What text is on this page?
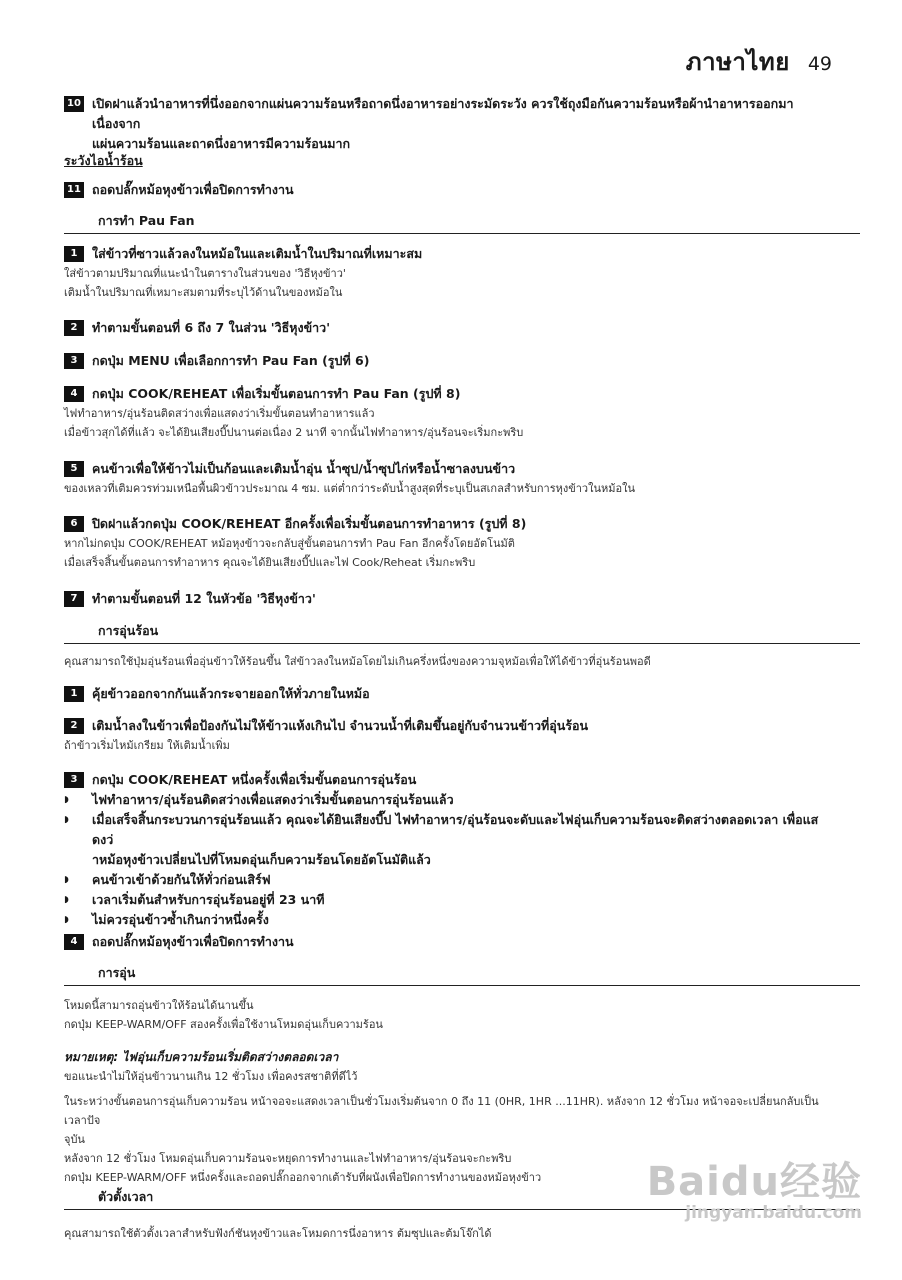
ภาษาไทย 49
10 เปิดฝาแล้วนำอาหารที่นึ่งออกจากแผ่นความร้อนหรือถาดนึ่งอาหารอย่างระมัดระวัง ควรใช้ถุงมือกันความร้อนหรือผ้านำอาหารออกมาเนื่องจาก
แผ่นความร้อนและถาดนึ่งอาหารมีความร้อนมาก
ระวังไอน้ำร้อน
11 ถอดปลั๊กหม้อหุงข้าวเพื่อปิดการทำงาน
การทำ Pau Fan
1	ใส่ข้าวที่ซาวแล้วลงในหม้อในและเติมน้ำในปริมาณที่เหมาะสม
ใส่ข้าวตามปริมาณที่แนะนำในตารางในส่วนของ 'วิธีหุงข้าว'
เติมน้ำในปริมาณที่เหมาะสมตามที่ระบุไว้ด้านในของหม้อใน
2	ทำตามขั้นตอนที่ 6 ถึง 7 ในส่วน 'วิธีหุงข้าว'
3	กดปุ่ม MENU เพื่อเลือกการทำ Pau Fan (รูปที่ 6)
4	กดปุ่ม COOK/REHEAT เพื่อเริ่มขั้นตอนการทำ Pau Fan (รูปที่ 8)
ไฟทำอาหาร/อุ่นร้อนติดสว่างเพื่อแสดงว่าเริ่มขั้นตอนทำอาหารแล้ว
เมื่อข้าวสุกได้ที่แล้ว จะได้ยินเสียงบี๊ปนานต่อเนื่อง 2 นาที จากนั้นไฟทำอาหาร/อุ่นร้อนจะเริ่มกะพริบ
5	คนข้าวเพื่อให้ข้าวไม่เป็นก้อนและเติมน้ำอุ่น น้ำซุป/น้ำซุปไก่หรือน้ำซาลงบนข้าว
ของเหลวที่เติมควรท่วมเหนือพื้นผิวข้าวประมาณ 4 ซม. แต่ต่ำกว่าระดับน้ำสูงสุดที่ระบุเป็นสเกลสำหรับการหุงข้าวในหม้อใน
6	ปิดฝาแล้วกดปุ่ม COOK/REHEAT อีกครั้งเพื่อเริ่มขั้นตอนการทำอาหาร (รูปที่ 8)
หากไม่กดปุ่ม COOK/REHEAT หม้อหุงข้าวจะกลับสู่ขั้นตอนการทำ Pau Fan อีกครั้งโดยอัตโนมัติ
เมื่อเสร็จสิ้นขั้นตอนการทำอาหาร คุณจะได้ยินเสียงบี๊ปและไฟ Cook/Reheat เริ่มกะพริบ
7	ทำตามขั้นตอนที่ 12 ในหัวข้อ 'วิธีหุงข้าว'
การอุ่นร้อน
คุณสามารถใช้ปุ่มอุ่นร้อนเพื่ออุ่นข้าวให้ร้อนขึ้น ใส่ข้าวลงในหม้อโดยไม่เกินครึ่งหนึ่งของความจุหม้อเพื่อให้ได้ข้าวที่อุ่นร้อนพอดี
1	คุ้ยข้าวออกจากกันแล้วกระจายออกให้ทั่วภายในหม้อ
2	เติมน้ำลงในข้าวเพื่อป้องกันไม่ให้ข้าวแห้งเกินไป จำนวนน้ำที่เติมขึ้นอยู่กับจำนวนข้าวที่อุ่นร้อน
ถ้าข้าวเริ่มไหม้เกรียม ให้เติมน้ำเพิ่ม
3	กดปุ่ม COOK/REHEAT หนึ่งครั้งเพื่อเริ่มขั้นตอนการอุ่นร้อน
◗	ไฟทำอาหาร/อุ่นร้อนติดสว่างเพื่อแสดงว่าเริ่มขั้นตอนการอุ่นร้อนแล้ว
◗	เมื่อเสร็จสิ้นกระบวนการอุ่นร้อนแล้ว คุณจะได้ยินเสียงบี๊ป ไฟทำอาหาร/อุ่นร้อนจะดับและไฟอุ่นเก็บความร้อนจะติดสว่างตลอดเวลา เพื่อแสดงว่
าหม้อหุงข้าวเปลี่ยนไปที่โหมดอุ่นเก็บความร้อนโดยอัตโนมัติแล้ว
◗	คนข้าวเข้าด้วยกันให้ทั่วก่อนเสิร์ฟ
◗	เวลาเริ่มต้นสำหรับการอุ่นร้อนอยู่ที่ 23 นาที
◗	ไม่ควรอุ่นข้าวซ้ำเกินกว่าหนึ่งครั้ง
4	ถอดปลั๊กหม้อหุงข้าวเพื่อปิดการทำงาน
การอุ่น
โหมดนี้สามารถอุ่นข้าวให้ร้อนได้นานขึ้น
กดปุ่ม KEEP-WARM/OFF สองครั้งเพื่อใช้งานโหมดอุ่นเก็บความร้อน
หมายเหตุ: ไฟอุ่นเก็บความร้อนเริ่มติดสว่างตลอดเวลา
ขอแนะนำไม่ให้อุ่นข้าวนานเกิน 12 ชั่วโมง เพื่อคงรสชาติที่ดีไว้
ในระหว่างขั้นตอนการอุ่นเก็บความร้อน หน้าจอจะแสดงเวลาเป็นชั่วโมงเริ่มต้นจาก 0 ถึง 11 (0HR, 1HR ...11HR). หลังจาก 12 ชั่วโมง หน้าจอจะเปลี่ยนกลับเป็นเวลาปัจ
จุบัน
หลังจาก 12 ชั่วโมง โหมดอุ่นเก็บความร้อนจะหยุดการทำงานและไฟทำอาหาร/อุ่นร้อนจะกะพริบ
กดปุ่ม KEEP-WARM/OFF หนึ่งครั้งและถอดปลั๊กออกจากเต้ารับที่ผนังเพื่อปิดการทำงานของหม้อหุงข้าว
ตัวตั้งเวลา
คุณสามารถใช้ตัวตั้งเวลาสำหรับฟังก์ชันหุงข้าวและโหมดการนึ่งอาหาร ต้มซุปและต้มโจ๊กได้
Baidu经验
jingyan.baidu.com
